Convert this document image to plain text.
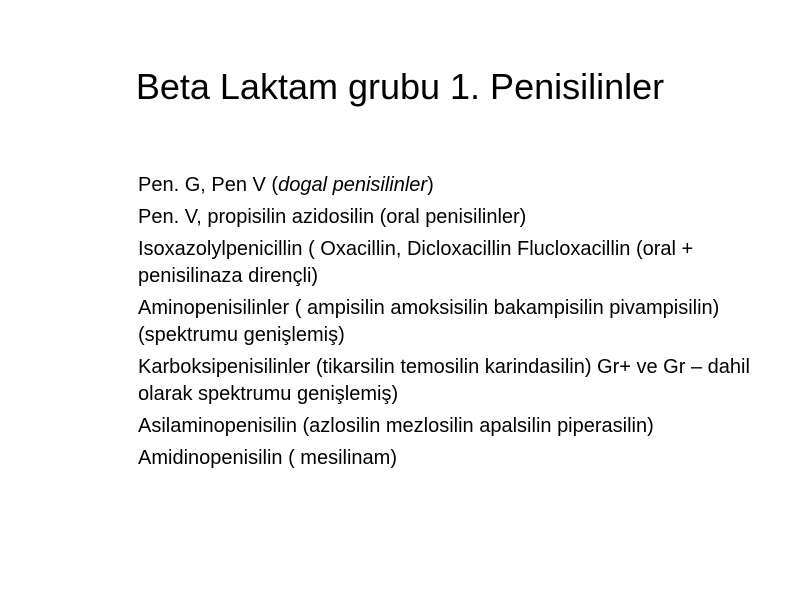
Beta Laktam grubu 1. Penisilinler
Pen. G, Pen V (dogal penisilinler)
Pen. V, propisilin azidosilin (oral penisilinler)
Isoxazolylpenicillin ( Oxacillin, Dicloxacillin Flucloxacillin (oral + penisilinaza dirençli)
Aminopenisilinler ( ampisilin amoksisilin bakampisilin pivampisilin) (spektrumu genişlemiş)
Karboksipenisilinler (tikarsilin temosilin karindasilin) Gr+ ve Gr – dahil olarak spektrumu genişlemiş)
Asilaminopenisilin (azlosilin mezlosilin apalsilin piperasilin)
Amidinopenisilin ( mesilinam)
